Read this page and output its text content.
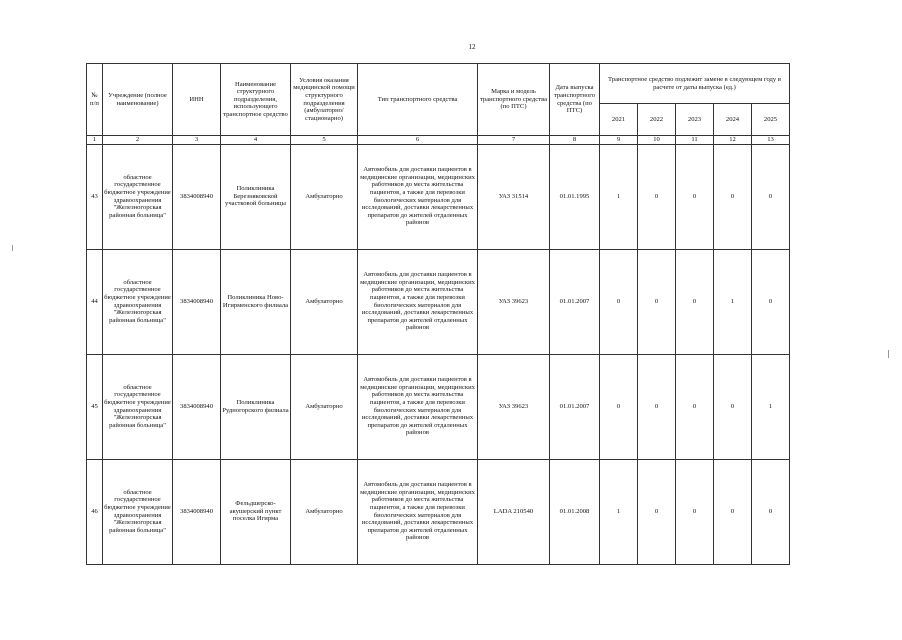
12
№ п/п	Учреждение (полное наименование)	ИНН	Наименование структурного подразделения, использующего транспортное средство	Условия оказания медицинской помощи структурного подразделения (амбулаторно/ стационарно)	Тип транспортного средства	Марка и модель транспортного средства (по ПТС)	Дата выпуска транспортного средства (по ПТС)	Транспортное средство подлежит замене в следующем году в расчете от даты выпуска (ед.)				
								2021	2022	2023	2024	2025
1	2	3	4	5	6	7	8	9	10	11	12	13
43	областное государственное бюджетное учреждение здравоохранения "Железногорская районная больница"	3834008940	Поликлиника Березняковской участковой больницы	Амбулаторно	Автомобиль для доставки пациентов в медицинские организации, медицинских работников до места жительства пациентов, а также для перевозки биологических материалов для исследований, доставки лекарственных препаратов до жителей отдаленных районов	УАЗ 31514	01.01.1995	1	0	0	0	0
44	областное государственное бюджетное учреждение здравоохранения "Железногорская районная больница"	3834008940	Поликлиника Ново-Игирменского филиала	Амбулаторно	Автомобиль для доставки пациентов в медицинские организации, медицинских работников до места жительства пациентов, а также для перевозки биологических материалов для исследований, доставки лекарственных препаратов до жителей отдаленных районов	УАЗ 39623	01.01.2007	0	0	0	1	0
45	областное государственное бюджетное учреждение здравоохранения "Железногорская районная больница"	3834008940	Поликлиника Рудногорского филиала	Амбулаторно	Автомобиль для доставки пациентов в медицинские организации, медицинских работников до места жительства пациентов, а также для перевозки биологических материалов для исследований, доставки лекарственных препаратов до жителей отдаленных районов	УАЗ 39623	01.01.2007	0	0	0	0	1
46	областное государственное бюджетное учреждение здравоохранения "Железногорская районная больница"	3834008940	Фельдшерско-акушерский пункт поселка Игирма	Амбулаторно	Автомобиль для доставки пациентов в медицинские организации, медицинских работников до места жительства пациентов, а также для перевозки биологических материалов для исследований, доставки лекарственных препаратов до жителей отдаленных районов	LADA 210540	01.01.2008	1	0	0	0	0
